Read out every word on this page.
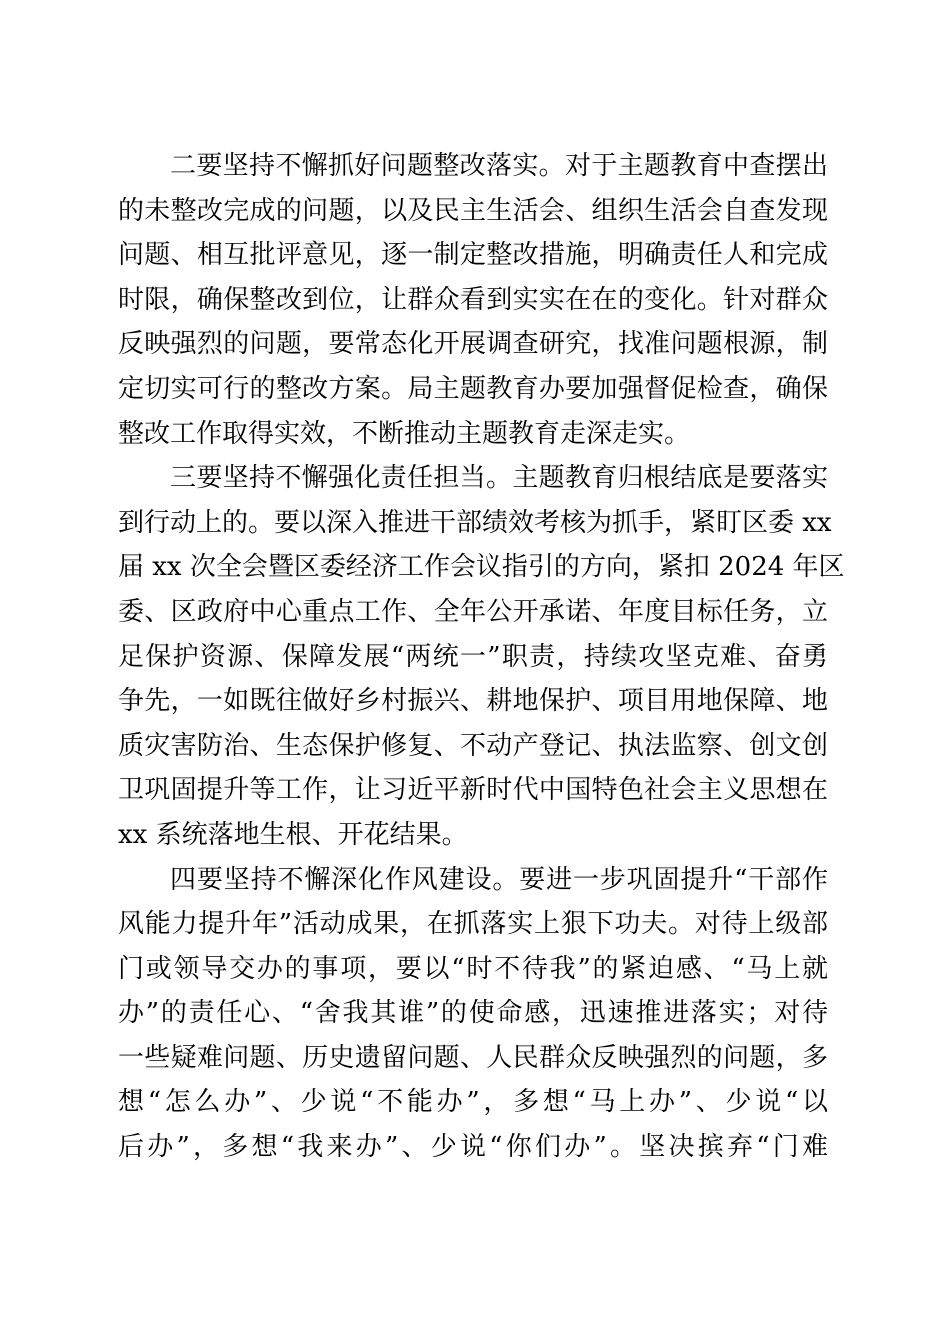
二要坚持不懈抓好问题整改落实。对于主题教育中查摆出
的未整改完成的问题，以及民主生活会、组织生活会自查发现
问题、相互批评意见，逐一制定整改措施，明确责任人和完成
时限，确保整改到位，让群众看到实实在在的变化。针对群众
反映强烈的问题，要常态化开展调查研究，找准问题根源，制
定切实可行的整改方案。局主题教育办要加强督促检查，确保
整改工作取得实效，不断推动主题教育走深走实。
三要坚持不懈强化责任担当。主题教育归根结底是要落实
到行动上的。要以深入推进干部绩效考核为抓手，紧盯区委 xx
届 xx 次全会暨区委经济工作会议指引的方向，紧扣 2024 年区
委、区政府中心重点工作、全年公开承诺、年度目标任务，立
足保护资源、保障发展“两统一”职责，持续攻坚克难、奋勇
争先，一如既往做好乡村振兴、耕地保护、项目用地保障、地
质灾害防治、生态保护修复、不动产登记、执法监察、创文创
卫巩固提升等工作，让习近平新时代中国特色社会主义思想在
xx 系统落地生根、开花结果。
四要坚持不懈深化作风建设。要进一步巩固提升“干部作
风能力提升年”活动成果，在抓落实上狠下功夫。对待上级部
门或领导交办的事项，要以“时不待我”的紧迫感、“马上就
办”的责任心、“舍我其谁”的使命感，迅速推进落实；对待
一些疑难问题、历史遗留问题、人民群众反映强烈的问题，多
想“怎么办”、少说“不能办”，多想“马上办”、少说“以
后办”，多想“我来办”、少说“你们办”。坚决摈弃“门难
